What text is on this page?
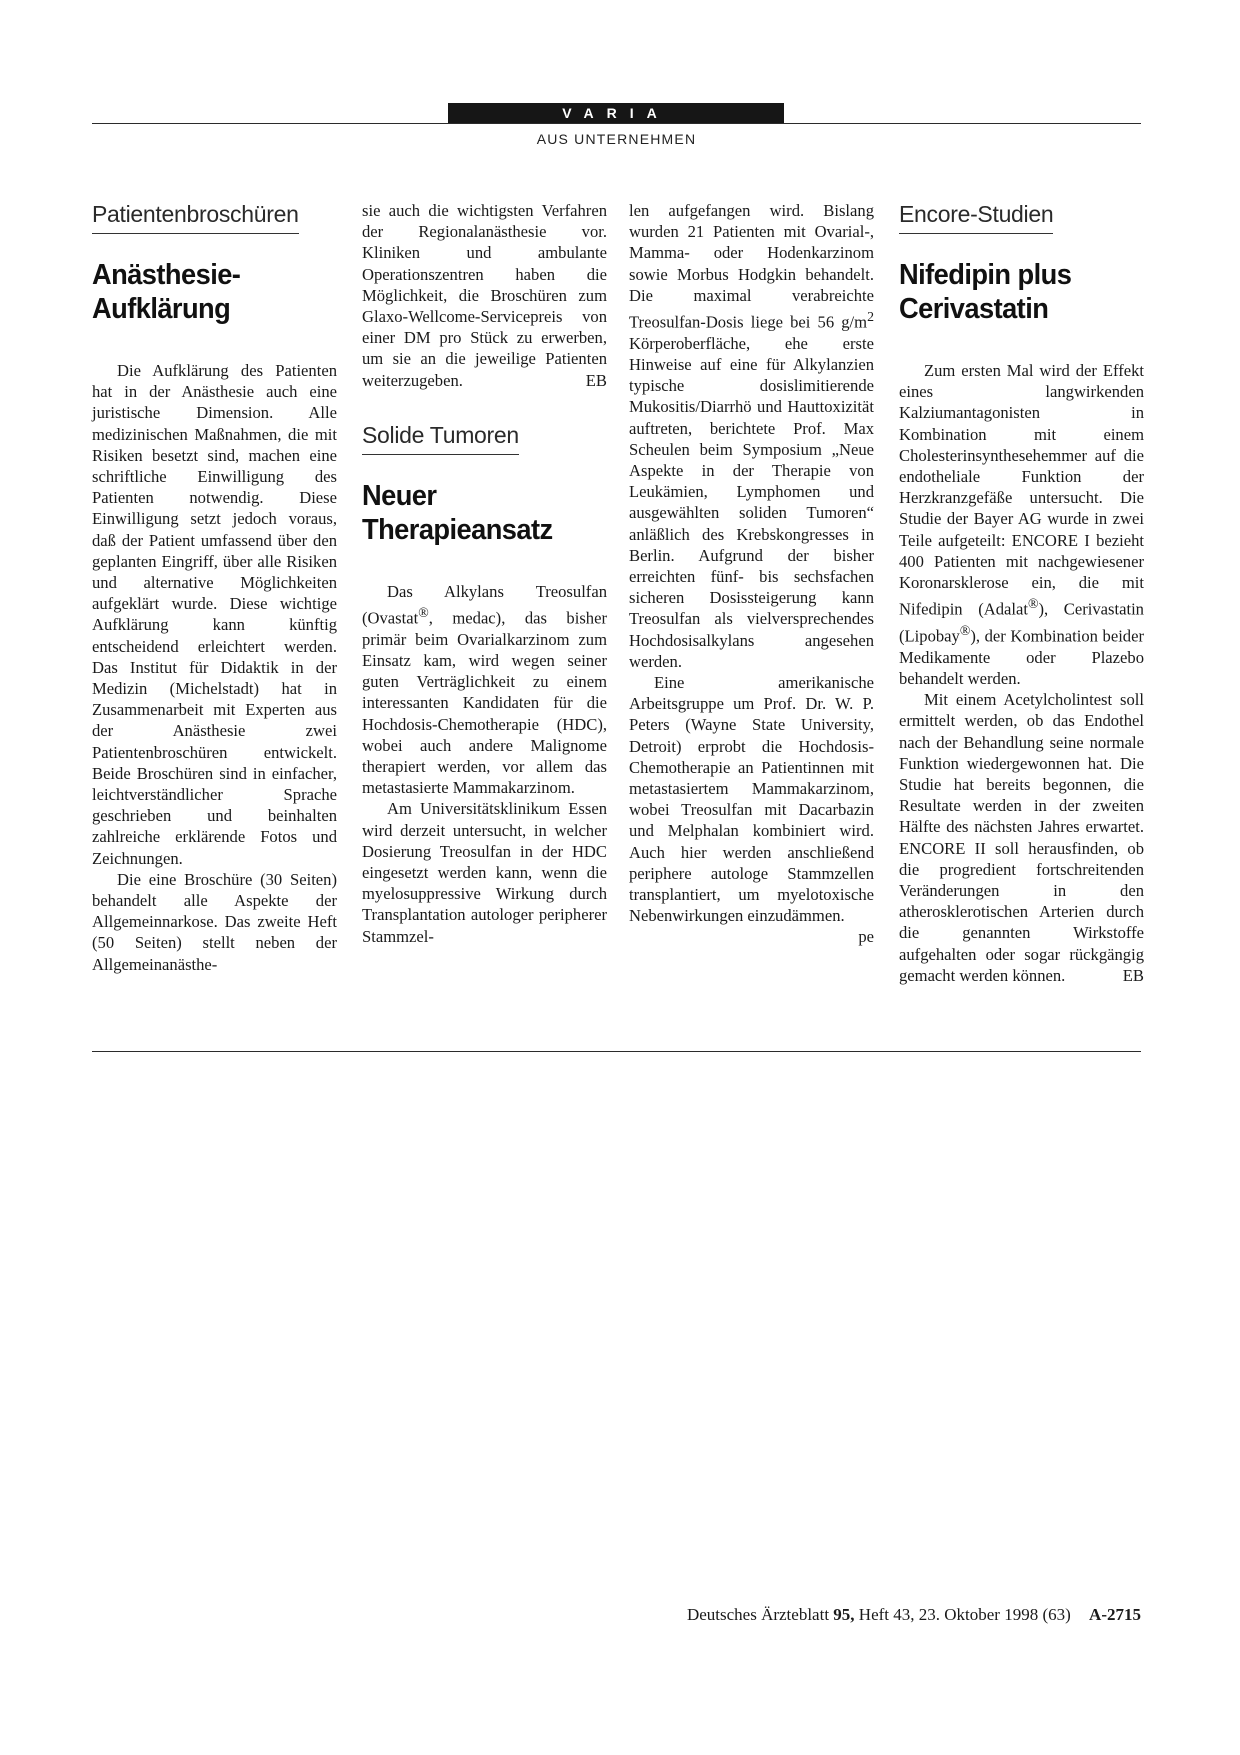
VARIA
AUS UNTERNEHMEN
Patientenbroschüren
Anästhesie-
Aufklärung

Die Aufklärung des Patienten hat in der Anästhesie auch eine juristische Dimension. Alle medizinischen Maßnahmen, die mit Risiken besetzt sind, machen eine schriftliche Einwilligung des Patienten notwendig. Diese Einwilligung setzt jedoch voraus, daß der Patient umfassend über den geplanten Eingriff, über alle Risiken und alternative Möglichkeiten aufgeklärt wurde. Diese wichtige Aufklärung kann künftig entscheidend erleichtert werden. Das Institut für Didaktik in der Medizin (Michelstadt) hat in Zusammenarbeit mit Experten aus der Anästhesie zwei Patientenbroschüren entwickelt. Beide Broschüren sind in einfacher, leichtverständlicher Sprache geschrieben und beinhalten zahlreiche erklärende Fotos und Zeichnungen.

Die eine Broschüre (30 Seiten) behandelt alle Aspekte der Allgemeinnarkose. Das zweite Heft (50 Seiten) stellt neben der Allgemeinanästhe-

sie auch die wichtigsten Verfahren der Regionalanästhesie vor. Kliniken und ambulante Operationszentren haben die Möglichkeit, die Broschüren zum Glaxo-Wellcome-Servicepreis von einer DM pro Stück zu erwerben, um sie an die jeweilige Patienten weiterzugeben.	EB

Solide Tumoren
Neuer
Therapieansatz

Das Alkylans Treosulfan (Ovastat®, medac), das bisher primär beim Ovarialkarzinom zum Einsatz kam, wird wegen seiner guten Verträglichkeit zu einem interessanten Kandidaten für die Hochdosis-Chemotherapie (HDC), wobei auch andere Malignome therapiert werden, vor allem das metastasierte Mammakarzinom.

Am Universitätsklinikum Essen wird derzeit untersucht, in welcher Dosierung Treosulfan in der HDC eingesetzt werden kann, wenn die myelosuppressive Wirkung durch Transplantation autologer peripherer Stammzel-

len aufgefangen wird. Bislang wurden 21 Patienten mit Ovarial-, Mamma- oder Hodenkarzinom sowie Morbus Hodgkin behandelt. Die maximal verabreichte Treosulfan-Dosis liege bei 56 $g/m^2$ Körperoberfläche, ehe erste Hinweise auf eine für Alkylanzien typische dosislimitierende Mukositis/Diarrhö und Hauttoxizität auftreten, berichtete Prof. Max Scheulen beim Symposium „Neue Aspekte in der Therapie von Leukämien, Lymphomen und ausgewählten soliden Tumoren“ anläßlich des Krebskongresses in Berlin. Aufgrund der bisher erreichten fünf- bis sechsfachen sicheren Dosissteigerung kann Treosulfan als vielversprechendes Hochdosisalkylans angesehen werden.

Eine amerikanische Arbeitsgruppe um Prof. Dr. W. P. Peters (Wayne State University, Detroit) erprobt die Hochdosis-Chemotherapie an Patientinnen mit metastasiertem Mammakarzinom, wobei Treosulfan mit Dacarbazin und Melphalan kombiniert wird. Auch hier werden anschließend periphere autologe Stammzellen transplantiert, um myelotoxische Nebenwirkungen einzudämmen.
pe

Encore-Studien
Nifedipin plus
Cerivastatin

Zum ersten Mal wird der Effekt eines langwirkenden Kalziumantagonisten in Kombination mit einem Cholesterinsynthesehemmer auf die endotheliale Funktion der Herzkranzgefäße untersucht. Die Studie der Bayer AG wurde in zwei Teile aufgeteilt: ENCORE I bezieht 400 Patienten mit nachgewiesener Koronarsklerose ein, die mit Nifedipin (Adalat®), Cerivastatin (Lipobay®), der Kombination beider Medikamente oder Plazebo behandelt werden.

Mit einem Acetylcholintest soll ermittelt werden, ob das Endothel nach der Behandlung seine normale Funktion wiedergewonnen hat. Die Studie hat bereits begonnen, die Resultate werden in der zweiten Hälfte des nächsten Jahres erwartet. ENCORE II soll herausfinden, ob die progredient fortschreitenden Veränderungen in den atherosklerotischen Arterien durch die genannten Wirkstoffe aufgehalten oder sogar rückgängig gemacht werden können.	EB

Deutsches Ärzteblatt 95, Heft 43, 23. Oktober 1998 (63) A-2715
